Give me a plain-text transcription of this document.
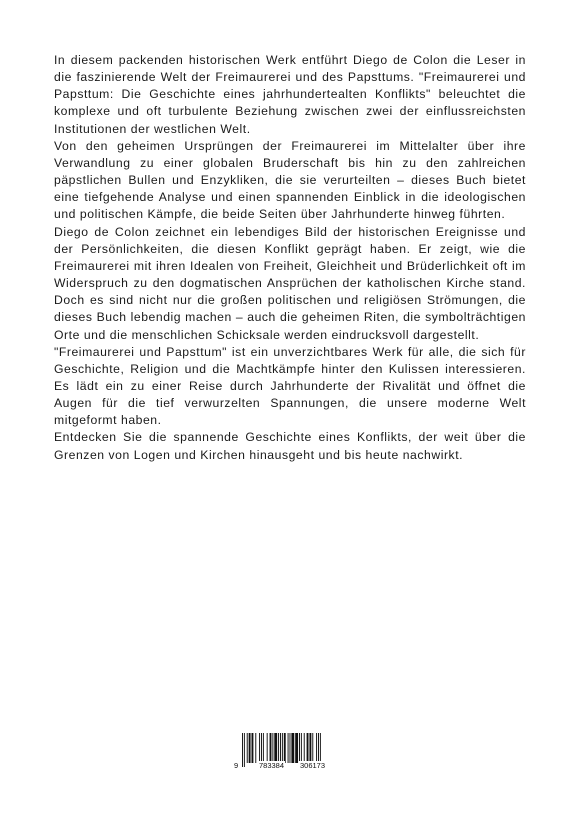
In diesem packenden historischen Werk entführt Diego de Colon die Leser in die faszinierende Welt der Freimaurerei und des Papsttums. "Freimaurerei und Papsttum: Die Geschichte eines jahrhundertealten Konflikts" beleuchtet die komplexe und oft turbulente Beziehung zwischen zwei der einflussreichsten Institutionen der westlichen Welt.

Von den geheimen Ursprüngen der Freimaurerei im Mittelalter über ihre Verwandlung zu einer globalen Bruderschaft bis hin zu den zahlreichen päpstlichen Bullen und Enzykliken, die sie verurteilten – dieses Buch bietet eine tiefgehende Analyse und einen spannenden Einblick in die ideologischen und politischen Kämpfe, die beide Seiten über Jahrhunderte hinweg führten.

Diego de Colon zeichnet ein lebendiges Bild der historischen Ereignisse und der Persönlichkeiten, die diesen Konflikt geprägt haben. Er zeigt, wie die Freimaurerei mit ihren Idealen von Freiheit, Gleichheit und Brüderlichkeit oft im Widerspruch zu den dogmatischen Ansprüchen der katholischen Kirche stand. Doch es sind nicht nur die großen politischen und religiösen Strömungen, die dieses Buch lebendig machen – auch die geheimen Riten, die symbolträchtigen Orte und die menschlichen Schicksale werden eindrucksvoll dargestellt.

"Freimaurerei und Papsttum" ist ein unverzichtbares Werk für alle, die sich für Geschichte, Religion und die Machtkämpfe hinter den Kulissen interessieren. Es lädt ein zu einer Reise durch Jahrhunderte der Rivalität und öffnet die Augen für die tief verwurzelten Spannungen, die unsere moderne Welt mitgeformt haben.

Entdecken Sie die spannende Geschichte eines Konflikts, der weit über die Grenzen von Logen und Kirchen hinausgeht und bis heute nachwirkt.

9	783384 306173
